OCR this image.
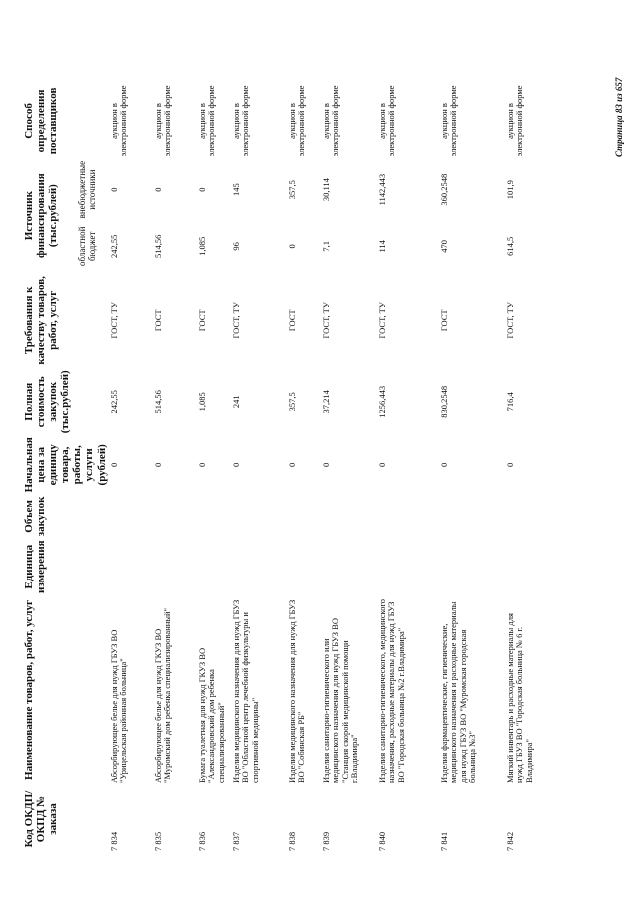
Код ОКДП/ ОКПД № заказа	Наименование товаров, работ, услуг	Единица измерения	Объем закупок	Начальная цена за единицу товара, работы, услуги (рублей)	Полная стоимость закупок (тыс.рублей)	Требования к качеству товаров, работ, услуг	Источник финансирования (тыс.рублей)		Способ определения поставщиков
							областной бюджет	внебюджетные источники	
7 834	Абсорбирующее белье для нужд ГБУЗ ВО "Урицельская районная больница"			0	242,55	ГОСТ, ТУ	242,55	0	аукцион в электронной форме
7 835	Абсорбирующее белье для нужд ГКУЗ ВО "Муромский дом ребенка специализированный"			0	514,56	ГОСТ	514,56	0	аукцион в электронной форме
7 836	Бумага туалетная для нужд ГКУЗ ВО "Александровский дом ребенка специализированный"			0	1,085	ГОСТ	1,085	0	аукцион в электронной форме
7 837	Изделия медицинского назначения для нужд ГБУЗ ВО "Областной центр лечебной физкультуры и спортивной медицины"			0	241	ГОСТ, ТУ	96	145	аукцион в электронной форме
7 838	Изделия медицинского назначения для нужд ГБУЗ ВО "Собинская РБ"			0	357,5	ГОСТ	0	357,5	аукцион в электронной форме
7 839	Изделия санитарно-гигиенического или медицинского назначения для нужд ГБУЗ ВО "Станция скорой медицинской помощи г.Владимира"			0	37,214	ГОСТ, ТУ	7,1	30,114	аукцион в электронной форме
7 840	Изделия санитарно-гигиенического, медицинского назначения, расходные материалы для нужд ГБУЗ ВО "Городская больница №2 г.Владимира"			0	1256,443	ГОСТ, ТУ	114	1142,443	аукцион в электронной форме
7 841	Изделия фармацевтические, гигиенические, медицинского назначения и расходные материалы для нужд ГБУЗ ВО "Муромская городская больница №3"			0	830,2548	ГОСТ	470	360,2548	аукцион в электронной форме
7 842	Мягкий инвентарь и расходные материалы для нужд ГБУЗ ВО "Городская больница № 6 г. Владимира"			0	716,4	ГОСТ, ТУ	614,5	101,9	аукцион в электронной форме	Страница 83 из 657
